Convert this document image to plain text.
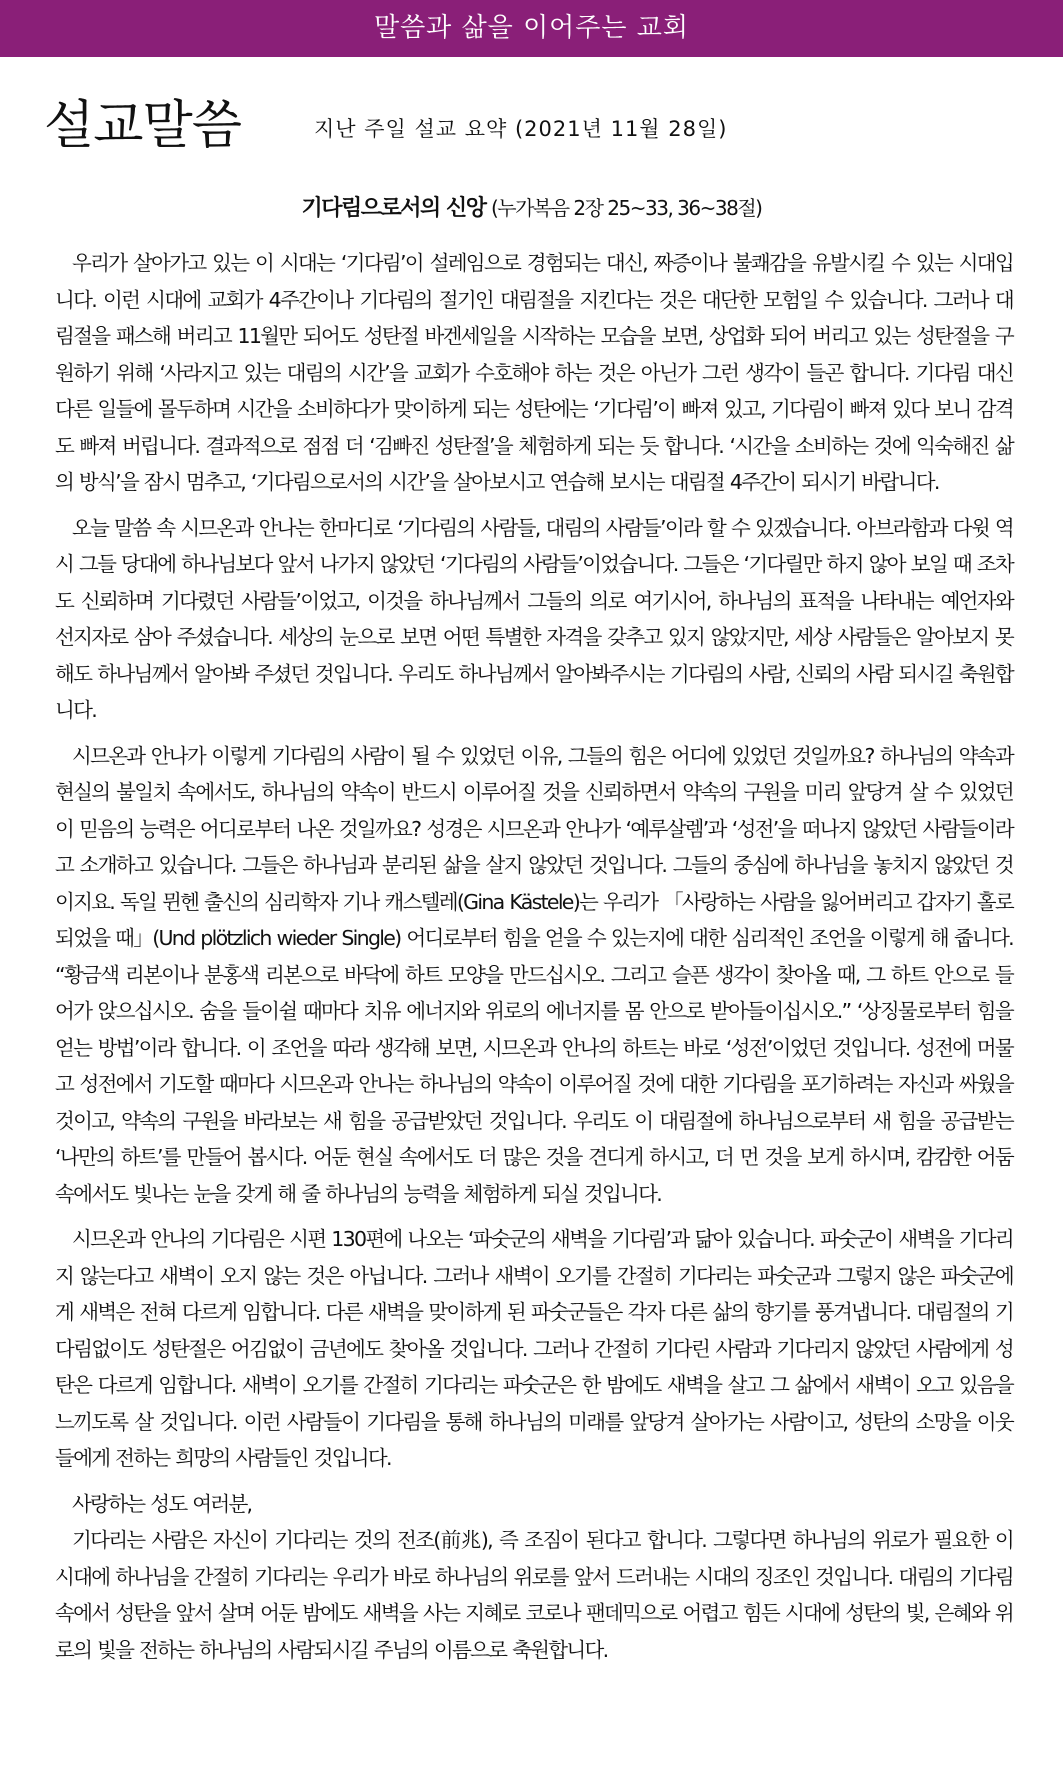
말씀과 삶을 이어주는 교회
설교말씀	지난 주일 설교 요약 (2021년 11월 28일)
기다림으로서의 신앙 (누가복음 2장 25~33, 36~38절)

우리가 살아가고 있는 이 시대는 ‘기다림’이 설레임으로 경험되는 대신, 짜증이나 불쾌감을 유발시킬 수 있는 시대입니다. 이런 시대에 교회가 4주간이나 기다림의 절기인 대림절을 지킨다는 것은 대단한 모험일 수 있습니다. 그러나 대림절을 패스해 버리고 11월만 되어도 성탄절 바겐세일을 시작하는 모습을 보면, 상업화 되어 버리고 있는 성탄절을 구원하기 위해 ‘사라지고 있는 대림의 시간’을 교회가 수호해야 하는 것은 아닌가 그런 생각이 들곤 합니다. 기다림 대신 다른 일들에 몰두하며 시간을 소비하다가 맞이하게 되는 성탄에는 ‘기다림’이 빠져 있고, 기다림이 빠져 있다 보니 감격도 빠져 버립니다. 결과적으로 점점 더 ‘김빠진 성탄절’을 체험하게 되는 듯 합니다. ‘시간을 소비하는 것에 익숙해진 삶의 방식’을 잠시 멈추고, ‘기다림으로서의 시간’을 살아보시고 연습해 보시는 대림절 4주간이 되시기 바랍니다.

오늘 말씀 속 시므온과 안나는 한마디로 ‘기다림의 사람들, 대림의 사람들’이라 할 수 있겠습니다. 아브라함과 다윗 역시 그들 당대에 하나님보다 앞서 나가지 않았던 ‘기다림의 사람들’이었습니다. 그들은 ‘기다릴만 하지 않아 보일 때 조차도 신뢰하며 기다렸던 사람들’이었고, 이것을 하나님께서 그들의 의로 여기시어, 하나님의 표적을 나타내는 예언자와 선지자로 삼아 주셨습니다. 세상의 눈으로 보면 어떤 특별한 자격을 갖추고 있지 않았지만, 세상 사람들은 알아보지 못해도 하나님께서 알아봐 주셨던 것입니다. 우리도 하나님께서 알아봐주시는 기다림의 사람, 신뢰의 사람 되시길 축원합니다.

시므온과 안나가 이렇게 기다림의 사람이 될 수 있었던 이유, 그들의 힘은 어디에 있었던 것일까요? 하나님의 약속과 현실의 불일치 속에서도, 하나님의 약속이 반드시 이루어질 것을 신뢰하면서 약속의 구원을 미리 앞당겨 살 수 있었던 이 믿음의 능력은 어디로부터 나온 것일까요? 성경은 시므온과 안나가 ‘예루살렘’과 ‘성전’을 떠나지 않았던 사람들이라고 소개하고 있습니다. 그들은 하나님과 분리된 삶을 살지 않았던 것입니다. 그들의 중심에 하나님을 놓치지 않았던 것이지요. 독일 뮌헨 출신의 심리학자 기나 캐스텔레(Gina Kästele)는 우리가 「사랑하는 사람을 잃어버리고 갑자기 홀로 되었을 때」(Und plötzlich wieder Single) 어디로부터 힘을 얻을 수 있는지에 대한 심리적인 조언을 이렇게 해 줍니다. “황금색 리본이나 분홍색 리본으로 바닥에 하트 모양을 만드십시오. 그리고 슬픈 생각이 찾아올 때, 그 하트 안으로 들어가 앉으십시오. 숨을 들이쉴 때마다 치유 에너지와 위로의 에너지를 몸 안으로 받아들이십시오.” ‘상징물로부터 힘을 얻는 방법’이라 합니다. 이 조언을 따라 생각해 보면, 시므온과 안나의 하트는 바로 ‘성전’이었던 것입니다. 성전에 머물고 성전에서 기도할 때마다 시므온과 안나는 하나님의 약속이 이루어질 것에 대한 기다림을 포기하려는 자신과 싸웠을 것이고, 약속의 구원을 바라보는 새 힘을 공급받았던 것입니다. 우리도 이 대림절에 하나님으로부터 새 힘을 공급받는 ‘나만의 하트’를 만들어 봅시다. 어둔 현실 속에서도 더 많은 것을 견디게 하시고, 더 먼 것을 보게 하시며, 캄캄한 어둠 속에서도 빛나는 눈을 갖게 해 줄 하나님의 능력을 체험하게 되실 것입니다.

시므온과 안나의 기다림은 시편 130편에 나오는 ‘파숫군의 새벽을 기다림’과 닮아 있습니다. 파숫군이 새벽을 기다리지 않는다고 새벽이 오지 않는 것은 아닙니다. 그러나 새벽이 오기를 간절히 기다리는 파숫군과 그렇지 않은 파숫군에게 새벽은 전혀 다르게 임합니다. 다른 새벽을 맞이하게 된 파숫군들은 각자 다른 삶의 향기를 풍겨냅니다. 대림절의 기다림없이도 성탄절은 어김없이 금년에도 찾아올 것입니다. 그러나 간절히 기다린 사람과 기다리지 않았던 사람에게 성탄은 다르게 임합니다. 새벽이 오기를 간절히 기다리는 파숫군은 한 밤에도 새벽을 살고 그 삶에서 새벽이 오고 있음을 느끼도록 살 것입니다. 이런 사람들이 기다림을 통해 하나님의 미래를 앞당겨 살아가는 사람이고, 성탄의 소망을 이웃들에게 전하는 희망의 사람들인 것입니다.

사랑하는 성도 여러분,

기다리는 사람은 자신이 기다리는 것의 전조(前兆), 즉 조짐이 된다고 합니다. 그렇다면 하나님의 위로가 필요한 이 시대에 하나님을 간절히 기다리는 우리가 바로 하나님의 위로를 앞서 드러내는 시대의 징조인 것입니다. 대림의 기다림 속에서 성탄을 앞서 살며 어둔 밤에도 새벽을 사는 지혜로 코로나 팬데믹으로 어렵고 힘든 시대에 성탄의 빛, 은혜와 위로의 빛을 전하는 하나님의 사람되시길 주님의 이름으로 축원합니다.
